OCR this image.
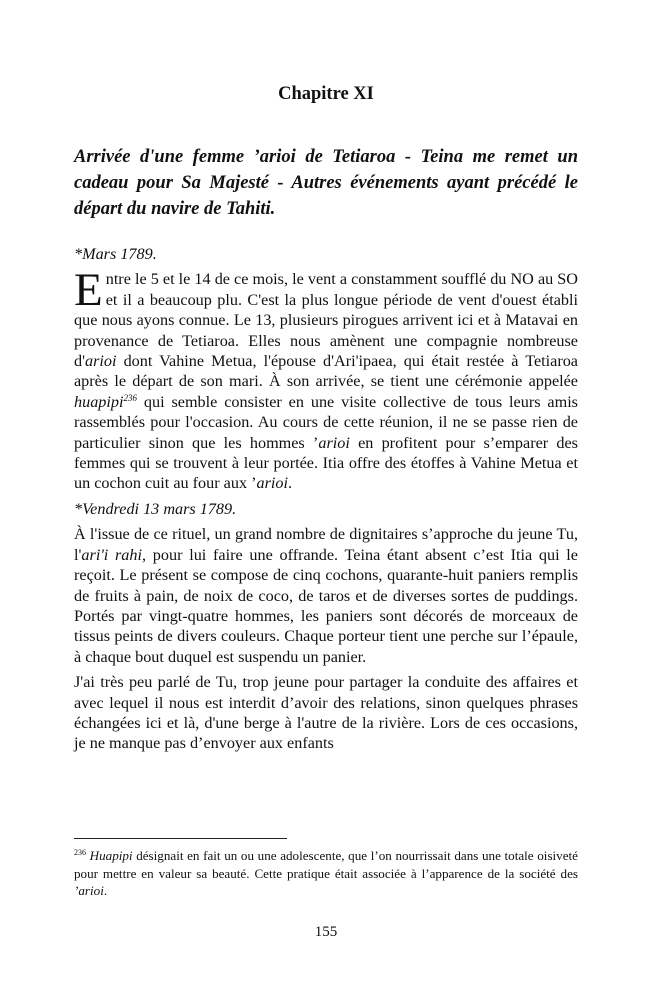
Chapitre XI
Arrivée d'une femme ’arioi de Tetiaroa - Teina me remet un cadeau pour Sa Majesté - Autres événements ayant précédé le départ du navire de Tahiti.
*Mars 1789.

Entre le 5 et le 14 de ce mois, le vent a constamment soufflé du NO au SO et il a beaucoup plu. C'est la plus longue période de vent d'ouest établi que nous ayons connue. Le 13, plusieurs pirogues arrivent ici et à Matavai en provenance de Tetiaroa. Elles nous amènent une compagnie nombreuse d'arioi dont Vahine Metua, l'épouse d'Ari'ipaea, qui était restée à Tetiaroa après le départ de son mari. À son arrivée, se tient une cérémonie appelée huapipi$^{236}$ qui semble consister en une visite collective de tous leurs amis rassemblés pour l'occasion. Au cours de cette réunion, il ne se passe rien de particulier sinon que les hommes ’arioi en profitent pour s’emparer des femmes qui se trouvent à leur portée. Itia offre des étoffes à Vahine Metua et un cochon cuit au four aux ’arioi.

*Vendredi 13 mars 1789.

À l'issue de ce rituel, un grand nombre de dignitaires s’approche du jeune Tu, l'ari'i rahi, pour lui faire une offrande. Teina étant absent c’est Itia qui le reçoit. Le présent se compose de cinq cochons, quarante-huit paniers remplis de fruits à pain, de noix de coco, de taros et de diverses sortes de puddings. Portés par vingt-quatre hommes, les paniers sont décorés de morceaux de tissus peints de divers couleurs. Chaque porteur tient une perche sur l’épaule, à chaque bout duquel est suspendu un panier.

J'ai très peu parlé de Tu, trop jeune pour partager la conduite des affaires et avec lequel il nous est interdit d’avoir des relations, sinon quelques phrases échangées ici et là, d'une berge à l'autre de la rivière. Lors de ces occasions, je ne manque pas d’envoyer aux enfants

$^{236}$ Huapipi désignait en fait un ou une adolescente, que l’on nourrissait dans une totale oisiveté pour mettre en valeur sa beauté. Cette pratique était associée à l’apparence de la société des ’arioi.
155
